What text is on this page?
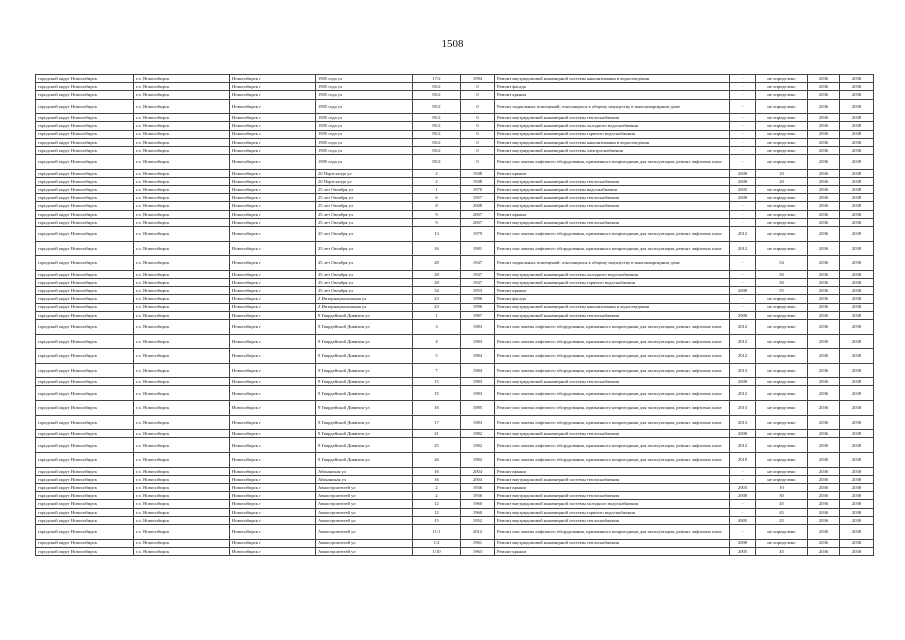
1508
городской округ Новосибирск	г.о. Новосибирск	Новосибирск г	1905 года ул	17/2	1994	Ремонт внутридомовой инженерной системы канализования и водоотведения	-	не определено	2036	2038
городской округ Новосибирск	г.о. Новосибирск	Новосибирск г	1905 года ул	85/2	0	Ремонт фасада	-	не определено	2036	2038
городской округ Новосибирск	г.о. Новосибирск	Новосибирск г	1905 года ул	85/2	0	Ремонт крыши	-	не определено	2036	2038
городской округ Новосибирск	г.о. Новосибирск	Новосибирск г	1905 года ул	85/2	0	Ремонт подвальных помещений, относящихся к общему имуществу в многоквартирном доме	-	не определено	2036	2038
городской округ Новосибирск	г.о. Новосибирск	Новосибирск г	1905 года ул	85/2	0	Ремонт внутридомовой инженерной системы теплоснабжения	-	не определено	2036	2038
городской округ Новосибирск	г.о. Новосибирск	Новосибирск г	1905 года ул	85/2	0	Ремонт внутридомовой инженерной системы холодного водоснабжения	-	не определено	2036	2038
городской округ Новосибирск	г.о. Новосибирск	Новосибирск г	1905 года ул	85/2	0	Ремонт внутридомовой инженерной системы горячего водоснабжения	-	не определено	2036	2038
городской округ Новосибирск	г.о. Новосибирск	Новосибирск г	1905 года ул	85/2	0	Ремонт внутридомовой инженерной системы канализования и водоотведения	-	не определено	2036	2038
городской округ Новосибирск	г.о. Новосибирск	Новосибирск г	1905 года ул	85/2	0	Ремонт внутридомовой инженерной системы электроснабжения	-	не определено	2036	2038
городской округ Новосибирск	г.о. Новосибирск	Новосибирск г	1905 года ул	85/2	0	Ремонт или замена лифтового оборудования, признанного непригодным для эксплуатации, ремонт лифтовых шахт	-	не определено	2036	2038
городской округ Новосибирск	г.о. Новосибирск	Новосибирск г	20 Партсъезда ул	2	1948	Ремонт крыши	2008	10	2036	2038
городской округ Новосибирск	г.о. Новосибирск	Новосибирск г	20 Партсъезда ул	2	1948	Ремонт внутридомовой инженерной системы теплоснабжения	2008	20	2036	2038
городской округ Новосибирск	г.о. Новосибирск	Новосибирск г	25 лет Октября ул	1	1970	Ремонт внутридомовой инженерной системы водоснабжения	2005	не определено	2036	2038
городской округ Новосибирск	г.о. Новосибирск	Новосибирск г	25 лет Октября ул	6	1957	Ремонт внутридомовой инженерной системы теплоснабжения	2008	не определено	2036	2038
городской округ Новосибирск	г.о. Новосибирск	Новосибирск г	25 лет Октября ул	8	2008	Ремонт внутридомовой инженерной системы теплоснабжения	-	не определено	2036	2038
городской округ Новосибирск	г.о. Новосибирск	Новосибирск г	25 лет Октября ул	9	2007	Ремонт крыши	-	не определено	2036	2038
городской округ Новосибирск	г.о. Новосибирск	Новосибирск г	25 лет Октября ул	9	2007	Ремонт внутридомовой инженерной системы теплоснабжения	-	не определено	2036	2038
городской округ Новосибирск	г.о. Новосибирск	Новосибирск г	25 лет Октября ул	13	1979	Ремонт или замена лифтового оборудования, признанного непригодным для эксплуатации, ремонт лифтовых шахт	2012	не определено	2036	2038
городской округ Новосибирск	г.о. Новосибирск	Новосибирск г	25 лет Октября ул	16	1981	Ремонт или замена лифтового оборудования, признанного непригодным для эксплуатации, ремонт лифтовых шахт	2012	не определено	2036	2038
городской округ Новосибирск	г.о. Новосибирск	Новосибирск г	25 лет Октября ул	28	1947	Ремонт подвальных помещений, относящихся к общему имуществу в многоквартирном доме	-	54	2036	2038
городской округ Новосибирск	г.о. Новосибирск	Новосибирск г	25 лет Октября ул	28	1947	Ремонт внутридомовой инженерной системы холодного водоснабжения	-	50	2036	2038
городской округ Новосибирск	г.о. Новосибирск	Новосибирск г	25 лет Октября ул	28	1947	Ремонт внутридомовой инженерной системы горячего водоснабжения	-	50	2036	2038
городской округ Новосибирск	г.о. Новосибирск	Новосибирск г	25 лет Октября ул	34	1953	Ремонт крыши	2008	55	2036	2038
городской округ Новосибирск	г.о. Новосибирск	Новосибирск г	2 Интернациональная ул	23	1996	Ремонт фасада	-	не определено	2036	2038
городской округ Новосибирск	г.о. Новосибирск	Новосибирск г	2 Интернациональная ул	23	1996	Ремонт внутридомовой инженерной системы канализования и водоотведения	-	не определено	2036	2038
городской округ Новосибирск	г.о. Новосибирск	Новосибирск г	9 Гвардейской Дивизии ул	1	1987	Ремонт внутридомовой инженерной системы теплоснабжения	2008	не определено	2036	2038
городской округ Новосибирск	г.о. Новосибирск	Новосибирск г	9 Гвардейской Дивизии ул	3	1983	Ремонт или замена лифтового оборудования, признанного непригодным для эксплуатации, ремонт лифтовых шахт	2012	не определено	2036	2038
городской округ Новосибирск	г.о. Новосибирск	Новосибирск г	9 Гвардейской Дивизии ул	4	1983	Ремонт или замена лифтового оборудования, признанного непригодным для эксплуатации, ремонт лифтовых шахт	2012	не определено	2036	2038
городской округ Новосибирск	г.о. Новосибирск	Новосибирск г	9 Гвардейской Дивизии ул	5	1984	Ремонт или замена лифтового оборудования, признанного непригодным для эксплуатации, ремонт лифтовых шахт	2012	не определено	2036	2038
городской округ Новосибирск	г.о. Новосибирск	Новосибирск г	9 Гвардейской Дивизии ул	7	1984	Ремонт или замена лифтового оборудования, признанного непригодным для эксплуатации, ремонт лифтовых шахт	2013	не определено	2036	2038
городской округ Новосибирск	г.о. Новосибирск	Новосибирск г	9 Гвардейской Дивизии ул	15	1983	Ремонт внутридомовой инженерной системы теплоснабжения	2008	не определено	2036	2038
городской округ Новосибирск	г.о. Новосибирск	Новосибирск г	9 Гвардейской Дивизии ул	15	1983	Ремонт или замена лифтового оборудования, признанного непригодным для эксплуатации, ремонт лифтовых шахт	2012	не определено	2036	2038
городской округ Новосибирск	г.о. Новосибирск	Новосибирск г	9 Гвардейской Дивизии ул	16	1985	Ремонт или замена лифтового оборудования, признанного непригодным для эксплуатации, ремонт лифтовых шахт	2013	не определено	2036	2038
городской округ Новосибирск	г.о. Новосибирск	Новосибирск г	9 Гвардейской Дивизии ул	17	1983	Ремонт или замена лифтового оборудования, признанного непригодным для эксплуатации, ремонт лифтовых шахт	2013	не определено	2036	2038
городской округ Новосибирск	г.о. Новосибирск	Новосибирск г	9 Гвардейской Дивизии ул	21	1982	Ремонт внутридомовой инженерной системы теплоснабжения	2008	не определено	2036	2038
городской округ Новосибирск	г.о. Новосибирск	Новосибирск г	9 Гвардейской Дивизии ул	25	1982	Ремонт или замена лифтового оборудования, признанного непригодным для эксплуатации, ремонт лифтовых шахт	2012	не определено	2036	2038
городской округ Новосибирск	г.о. Новосибирск	Новосибирск г	9 Гвардейской Дивизии ул	26	1982	Ремонт или замена лифтового оборудования, признанного непригодным для эксплуатации, ремонт лифтовых шахт	2010	не определено	2036	2038
городской округ Новосибирск	г.о. Новосибирск	Новосибирск г	Абаканская ул	16	2004	Ремонт крыши	-	не определено	2036	2038
городской округ Новосибирск	г.о. Новосибирск	Новосибирск г	Абаканская ул	16	2004	Ремонт внутридомовой инженерной системы теплоснабжения	-	не определено	2036	2038
городской округ Новосибирск	г.о. Новосибирск	Новосибирск г	Авиастроителей ул	2	1936	Ремонт крыши	2003	10	2036	2038
городской округ Новосибирск	г.о. Новосибирск	Новосибирск г	Авиастроителей ул	2	1936	Ремонт внутридомовой инженерной системы теплоснабжения	2008	30	2036	2038
городской округ Новосибирск	г.о. Новосибирск	Новосибирск г	Авиастроителей ул	12	1960	Ремонт внутридомовой инженерной системы холодного водоснабжения	-	45	2036	2038
городской округ Новосибирск	г.о. Новосибирск	Новосибирск г	Авиастроителей ул	12	1960	Ремонт внутридомовой инженерной системы горячего водоснабжения	-	45	2036	2038
городской округ Новосибирск	г.о. Новосибирск	Новосибирск г	Авиастроителей ул	15	1952	Ремонт внутридомовой инженерной системы теплоснабжения	2005	25	2036	2038
городской округ Новосибирск	г.о. Новосибирск	Новосибирск г	Авиастроителей ул	11/1	2012	Ремонт или замена лифтового оборудования, признанного непригодным для эксплуатации, ремонт лифтовых шахт	-	не определено	2036	2038
городской округ Новосибирск	г.о. Новосибирск	Новосибирск г	Авиастроителей ул	1/2	1961	Ремонт внутридомовой инженерной системы теплоснабжения	2008	не определено	2036	2038
городской округ Новосибирск	г.о. Новосибирск	Новосибирск г	Авиастроителей ул	1/10	1963	Ремонт крыши	2005	45	2036	2038
